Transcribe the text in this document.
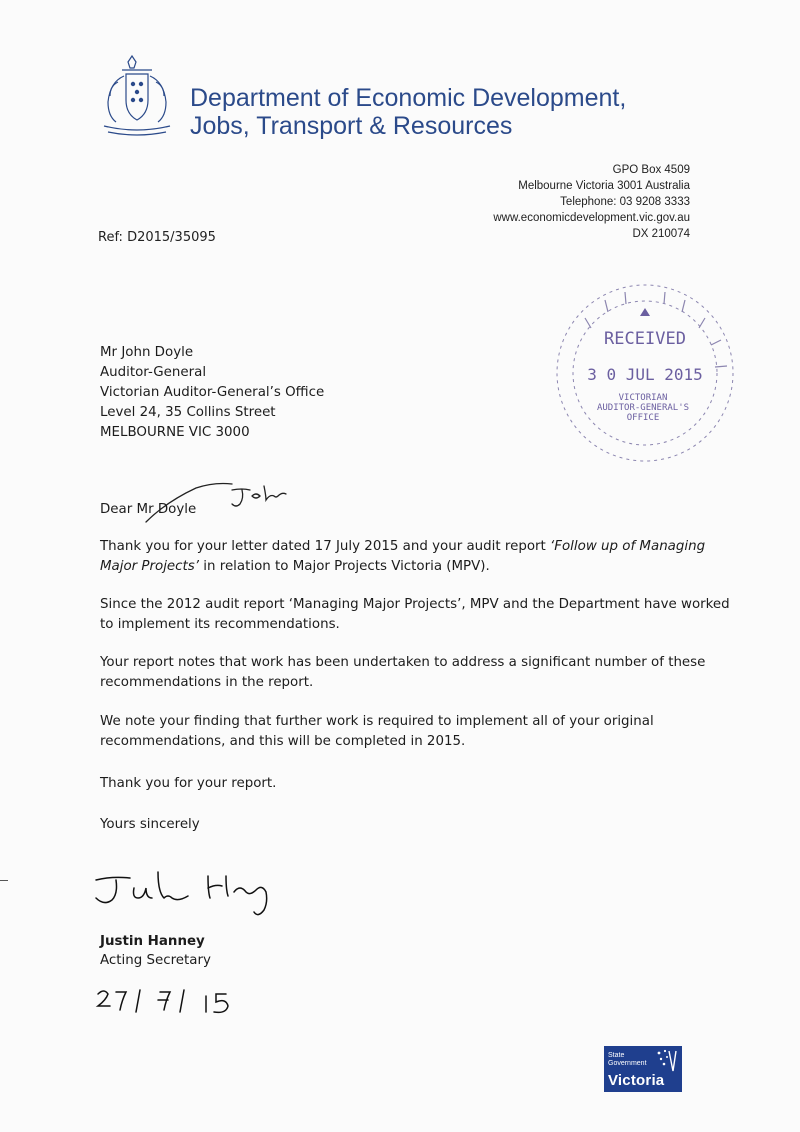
Department of Economic Development,
Jobs, Transport & Resources
GPO Box 4509
Melbourne Victoria 3001 Australia
Telephone: 03 9208 3333
www.economicdevelopment.vic.gov.au
DX 210074
Ref: D2015/35095
RECEIVED
3 0 JUL 2015
VICTORIAN
AUDITOR-GENERAL'S
OFFICE
Mr John Doyle
Auditor-General
Victorian Auditor-General’s Office
Level 24, 35 Collins Street
MELBOURNE VIC 3000
Dear Mr Doyle
Thank you for your letter dated 17 July 2015 and your audit report ‘Follow up of Managing Major Projects’ in relation to Major Projects Victoria (MPV).
Since the 2012 audit report ‘Managing Major Projects’, MPV and the Department have worked to implement its recommendations.
Your report notes that work has been undertaken to address a significant number of these recommendations in the report.
We note your finding that further work is required to implement all of your original recommendations, and this will be completed in 2015.
Thank you for your report.
Yours sincerely
Justin Hanney
Acting Secretary
State
Government
Victoria
